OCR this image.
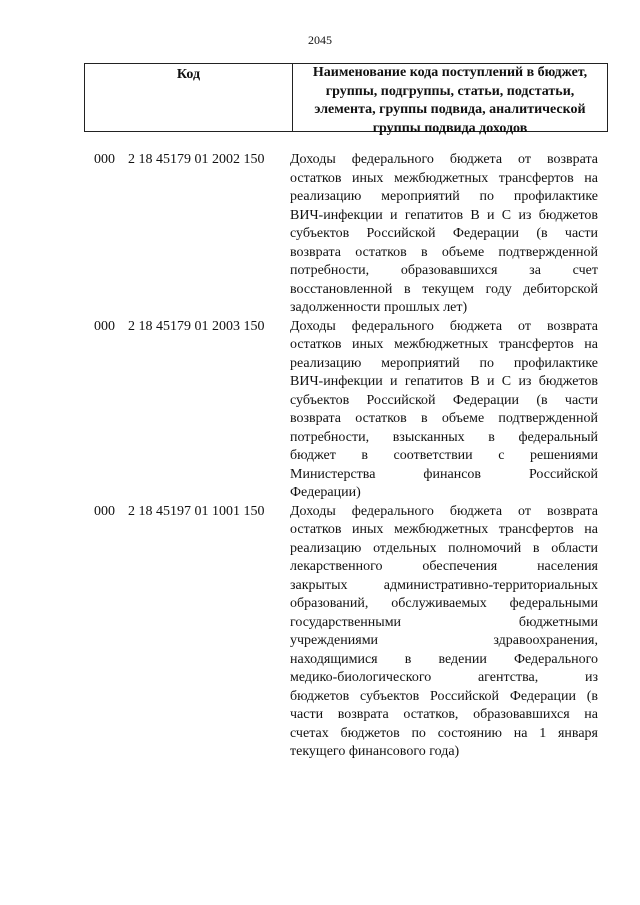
2045
Код	Наименование кода поступлений в бюджет, группы, подгруппы, статьи, подстатьи, элемента, группы подвида, аналитической группы подвида доходов
000 2 18 45179 01 2002 150	Доходы федерального бюджета от возврата
остатков иных межбюджетных трансфертов на
реализацию мероприятий по профилактике
ВИЧ-инфекции и гепатитов В и С из бюджетов
субъектов Российской Федерации (в части
возврата остатков в объеме подтвержденной
потребности, образовавшихся за счет
восстановленной в текущем году дебиторской
задолженности прошлых лет)
000 2 18 45179 01 2003 150	Доходы федерального бюджета от возврата
остатков иных межбюджетных трансфертов на
реализацию мероприятий по профилактике
ВИЧ-инфекции и гепатитов В и С из бюджетов
субъектов Российской Федерации (в части
возврата остатков в объеме подтвержденной
потребности, взысканных в федеральный
бюджет в соответствии с решениями
Министерства финансов Российской
Федерации)
000 2 18 45197 01 1001 150	Доходы федерального бюджета от возврата
остатков иных межбюджетных трансфертов на
реализацию отдельных полномочий в области
лекарственного обеспечения населения
закрытых административно-территориальных
образований, обслуживаемых федеральными
государственными бюджетными
учреждениями здравоохранения,
находящимися в ведении Федерального
медико-биологического агентства, из
бюджетов субъектов Российской Федерации (в
части возврата остатков, образовавшихся на
счетах бюджетов по состоянию на 1 января
текущего финансового года)
